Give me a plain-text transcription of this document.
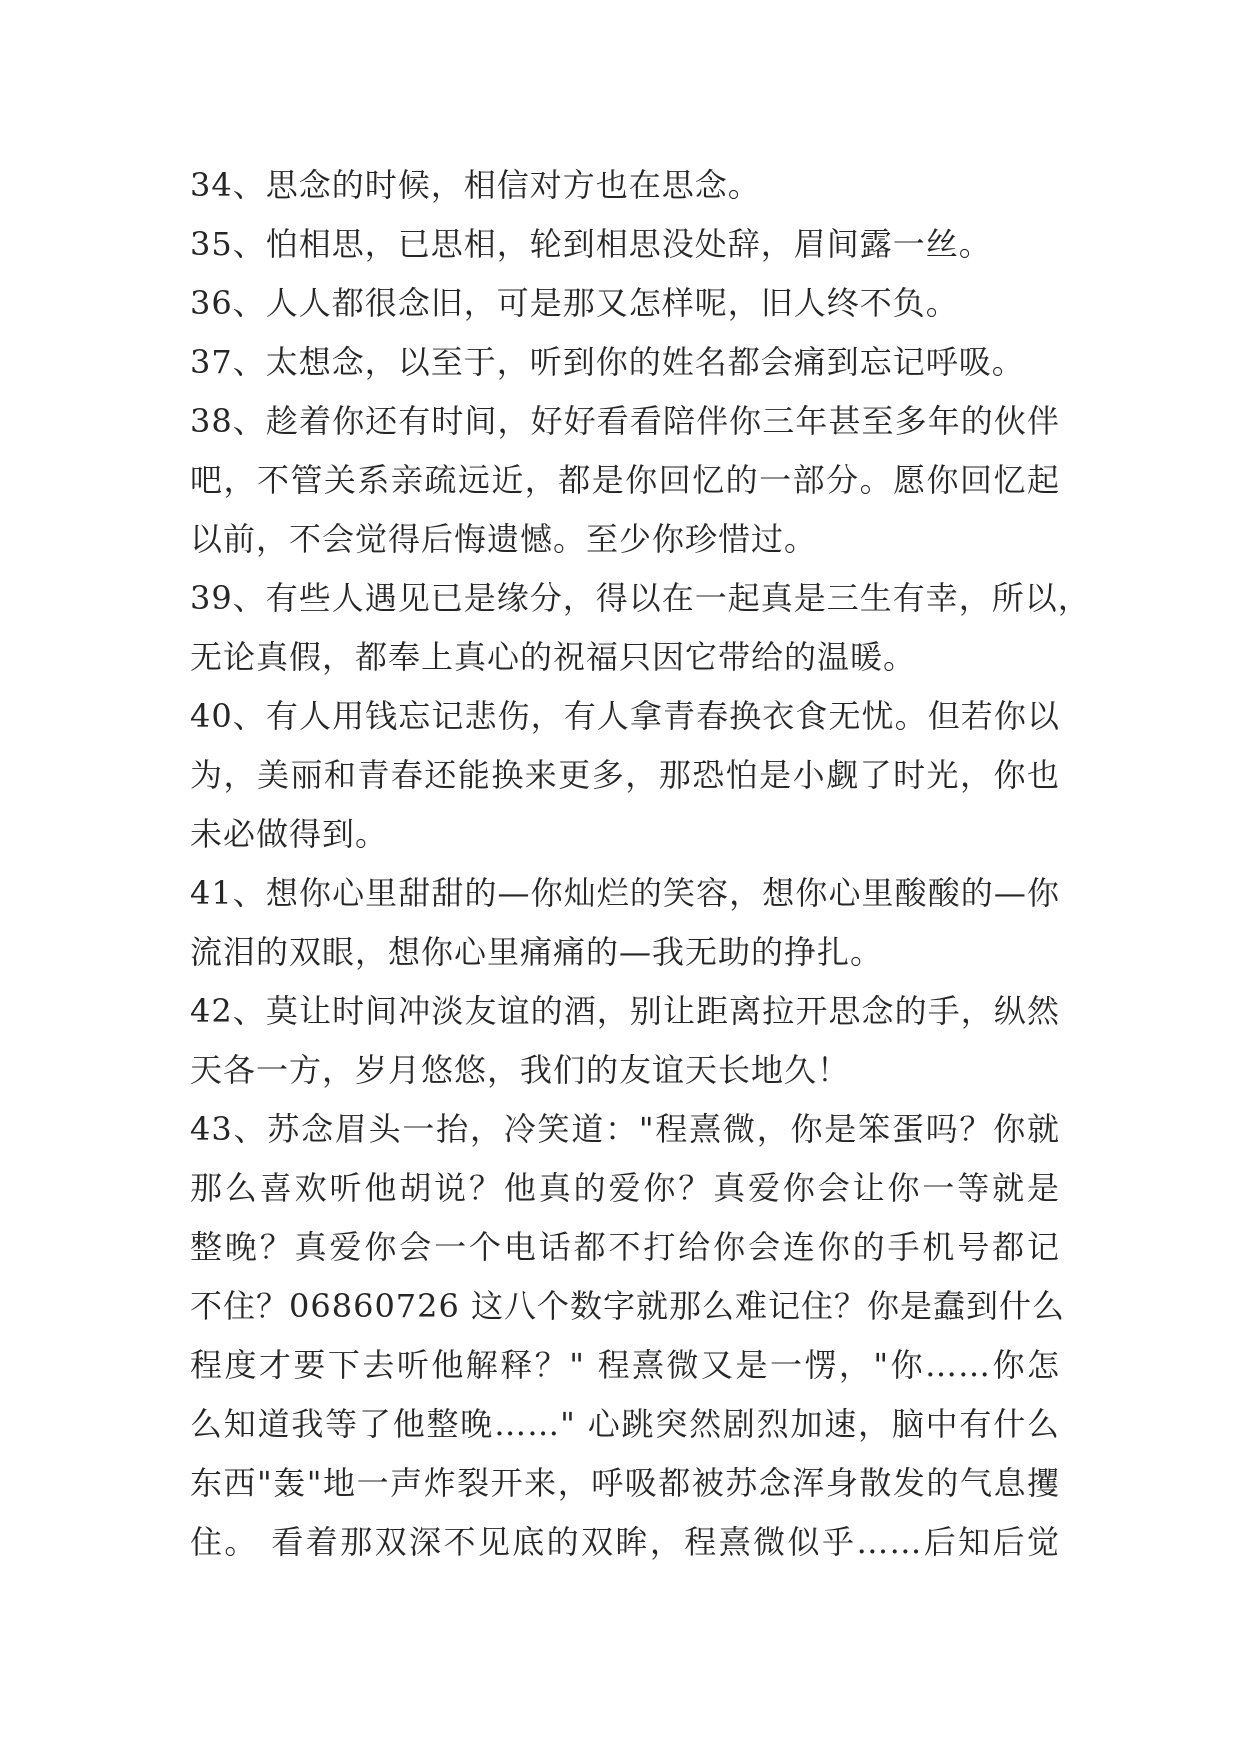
34、思念的时候，相信对方也在思念。
35、怕相思，已思相，轮到相思没处辞，眉间露一丝。
36、人人都很念旧，可是那又怎样呢，旧人终不负。
37、太想念，以至于，听到你的姓名都会痛到忘记呼吸。
38、趁着你还有时间，好好看看陪伴你三年甚至多年的伙伴
吧，不管关系亲疏远近，都是你回忆的一部分。愿你回忆起
以前，不会觉得后悔遗憾。至少你珍惜过。
39、有些人遇见已是缘分，得以在一起真是三生有幸，所以，
无论真假，都奉上真心的祝福只因它带给的温暖。
40、有人用钱忘记悲伤，有人拿青春换衣食无忧。但若你以
为，美丽和青春还能换来更多，那恐怕是小觑了时光，你也
未必做得到。
41、想你心里甜甜的—你灿烂的笑容，想你心里酸酸的—你
流泪的双眼，想你心里痛痛的—我无助的挣扎。
42、莫让时间冲淡友谊的酒，别让距离拉开思念的手，纵然
天各一方，岁月悠悠，我们的友谊天长地久！
43、苏念眉头一抬，冷笑道："程熹微，你是笨蛋吗？你就
那么喜欢听他胡说？他真的爱你？真爱你会让你一等就是
整晚？真爱你会一个电话都不打给你会连你的手机号都记
不住？06860726 这八个数字就那么难记住？你是蠢到什么
程度才要下去听他解释？" 程熹微又是一愣，"你……你怎
么知道我等了他整晚……" 心跳突然剧烈加速，脑中有什么
东西"轰"地一声炸裂开来，呼吸都被苏念浑身散发的气息攫
住。 看着那双深不见底的双眸，程熹微似乎……后知后觉
